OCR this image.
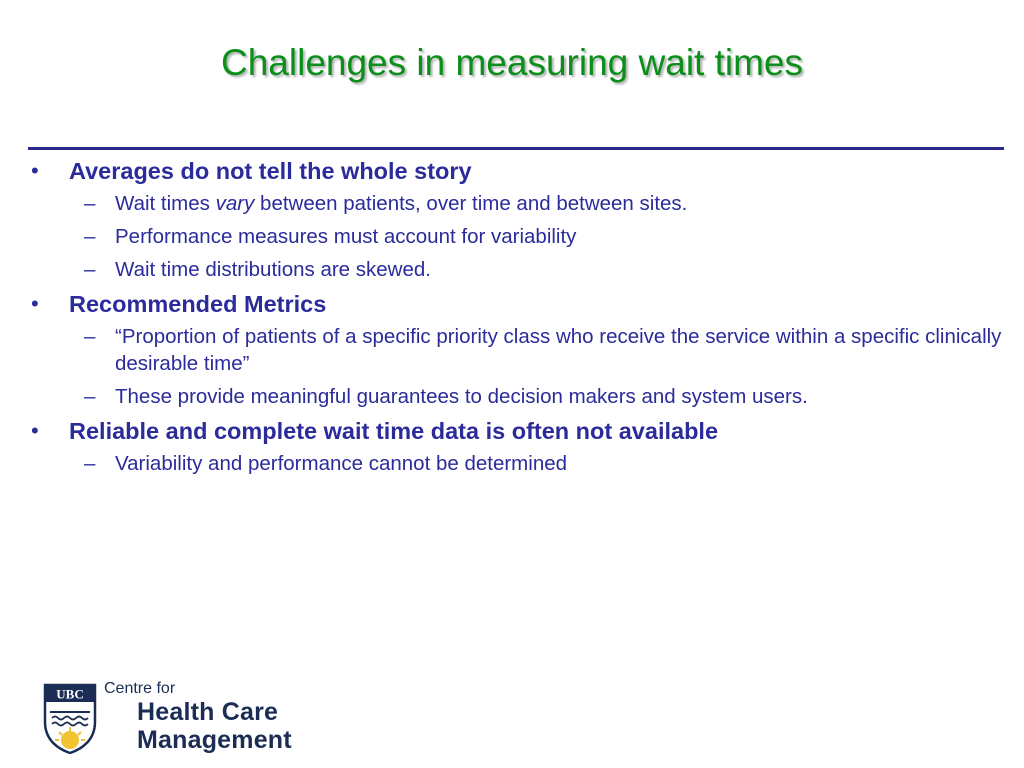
Challenges in measuring wait times
• Averages do not tell the whole story
– Wait times vary between patients, over time and between sites.
– Performance measures must account for variability
– Wait time distributions are skewed.
• Recommended Metrics
– “Proportion of patients of a specific priority class who receive the service within a specific clinically desirable time”
– These provide meaningful guarantees to decision makers and system users.
• Reliable and complete wait time data is often not available
– Variability and performance cannot be determined
UBC Centre for
Health Care
Management
